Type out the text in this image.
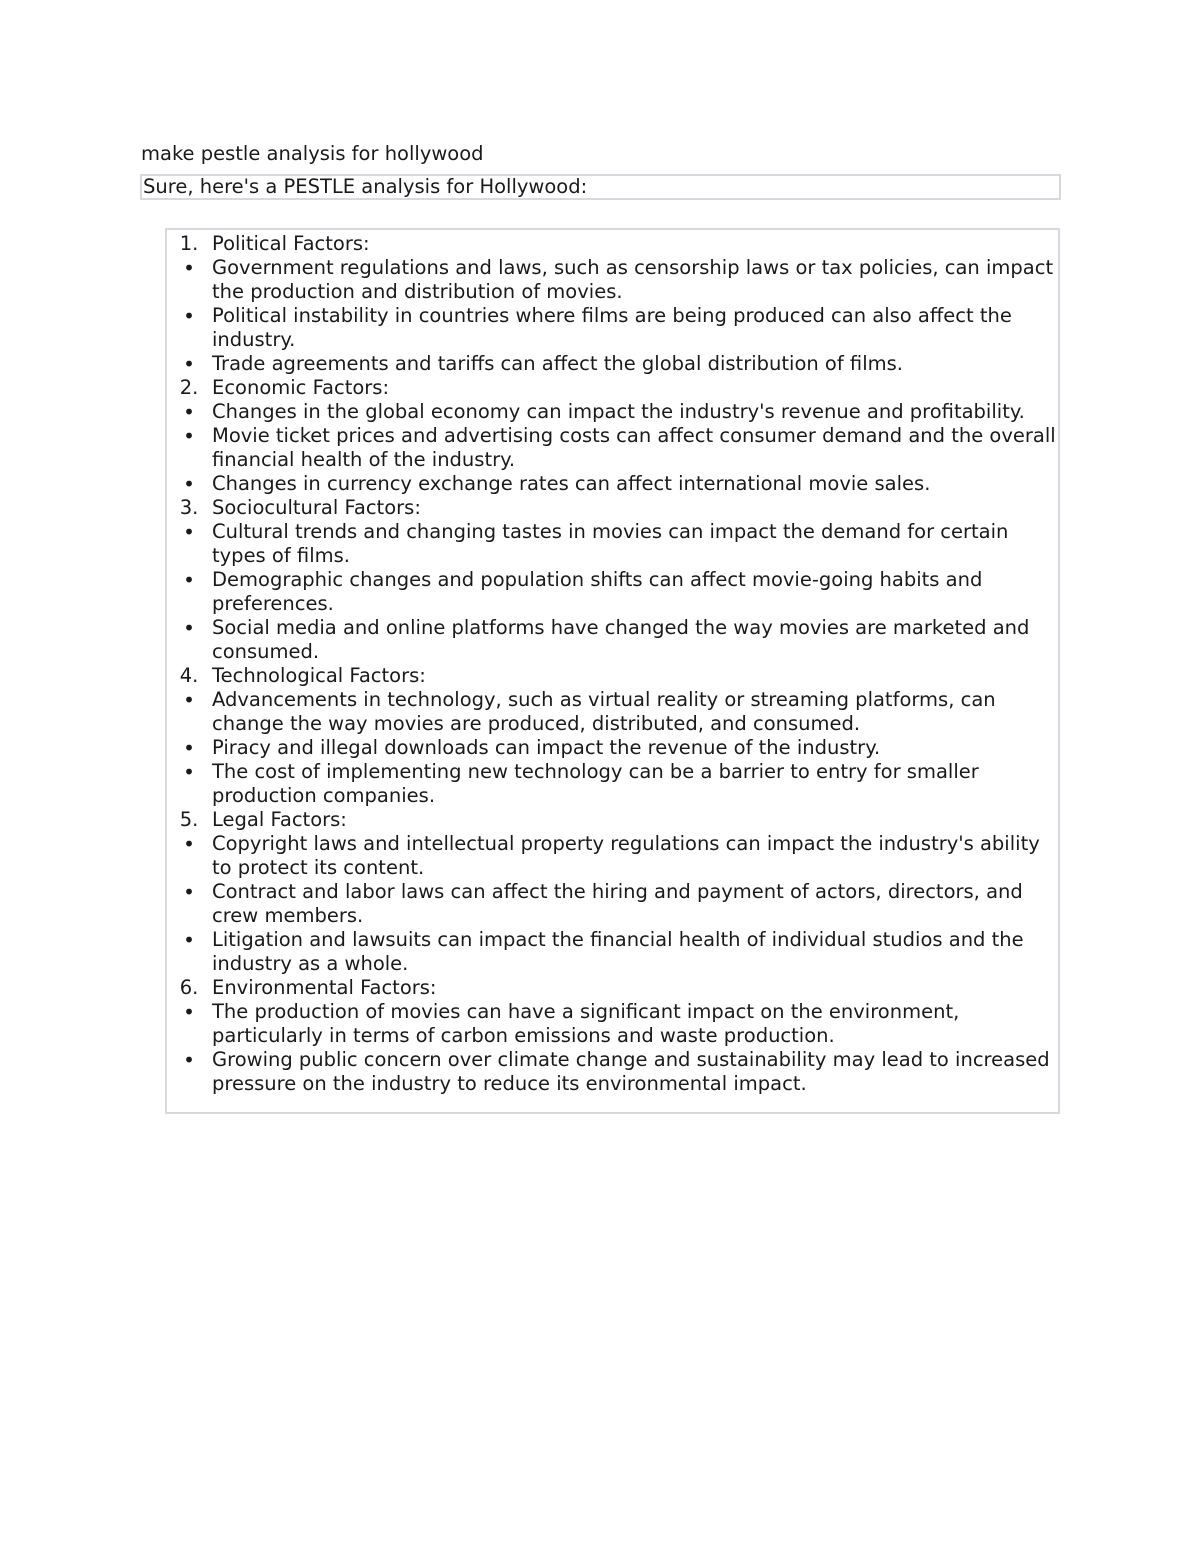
make pestle analysis for hollywood
Sure, here's a PESTLE analysis for Hollywood:
1. Political Factors:
• Government regulations and laws, such as censorship laws or tax policies, can impact the production and distribution of movies.
• Political instability in countries where films are being produced can also affect the industry.
• Trade agreements and tariffs can affect the global distribution of films.
2. Economic Factors:
• Changes in the global economy can impact the industry's revenue and profitability.
• Movie ticket prices and advertising costs can affect consumer demand and the overall financial health of the industry.
• Changes in currency exchange rates can affect international movie sales.
3. Sociocultural Factors:
• Cultural trends and changing tastes in movies can impact the demand for certain types of films.
• Demographic changes and population shifts can affect movie-going habits and preferences.
• Social media and online platforms have changed the way movies are marketed and consumed.
4. Technological Factors:
• Advancements in technology, such as virtual reality or streaming platforms, can change the way movies are produced, distributed, and consumed.
• Piracy and illegal downloads can impact the revenue of the industry.
• The cost of implementing new technology can be a barrier to entry for smaller production companies.
5. Legal Factors:
• Copyright laws and intellectual property regulations can impact the industry's ability to protect its content.
• Contract and labor laws can affect the hiring and payment of actors, directors, and crew members.
• Litigation and lawsuits can impact the financial health of individual studios and the industry as a whole.
6. Environmental Factors:
• The production of movies can have a significant impact on the environment, particularly in terms of carbon emissions and waste production.
• Growing public concern over climate change and sustainability may lead to increased pressure on the industry to reduce its environmental impact.
